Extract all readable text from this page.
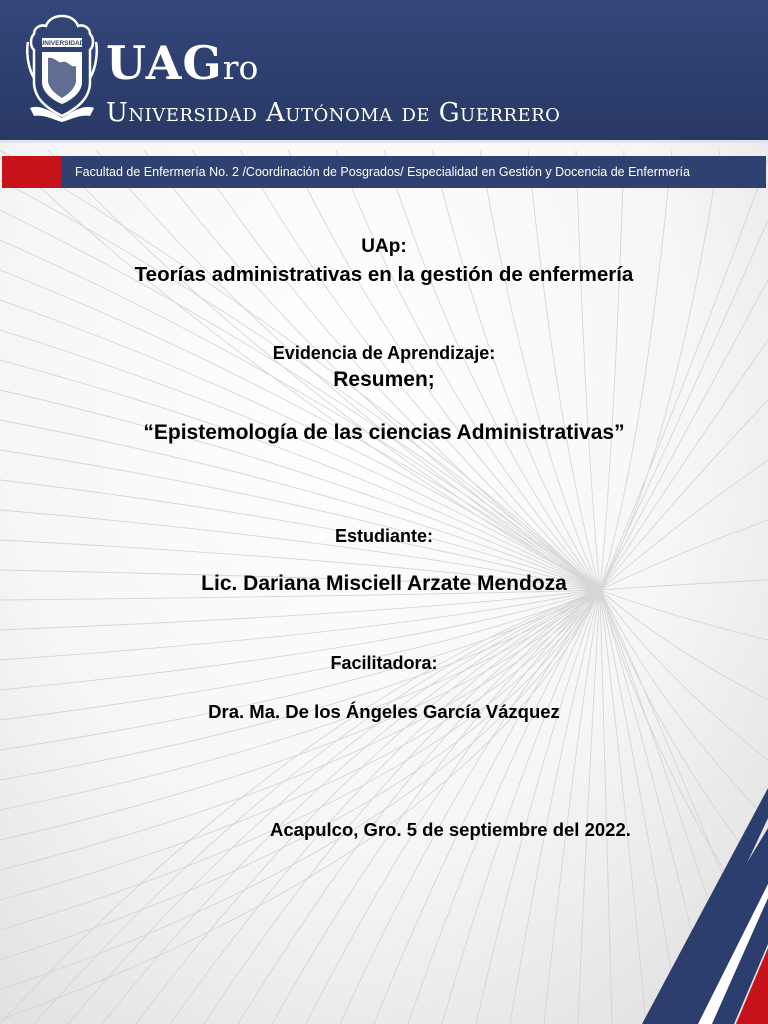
UNIVERSIDAD UAGro
Universidad Autónoma de Guerrero
Facultad de Enfermería No. 2 /Coordinación de Posgrados/ Especialidad en Gestión y Docencia de Enfermería
UAp:
Teorías administrativas en la gestión de enfermería
Evidencia de Aprendizaje:
Resumen;
“Epistemología de las ciencias Administrativas”
Estudiante:
Lic. Dariana Misciell Arzate Mendoza
Facilitadora:
Dra. Ma. De los Ángeles García Vázquez
Acapulco, Gro. 5 de septiembre del 2022.
